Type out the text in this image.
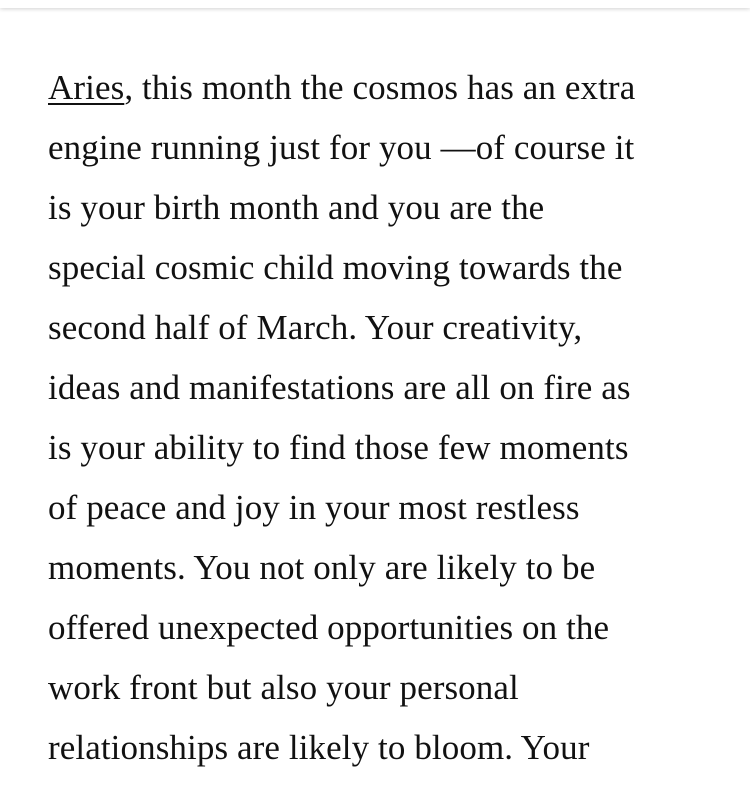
Aries, this month the cosmos has an extra
engine running just for you —of course it
is your birth month and you are the
special cosmic child moving towards the
second half of March. Your creativity,
ideas and manifestations are all on fire as
is your ability to find those few moments
of peace and joy in your most restless
moments. You not only are likely to be
offered unexpected opportunities on the
work front but also your personal
relationships are likely to bloom. Your
